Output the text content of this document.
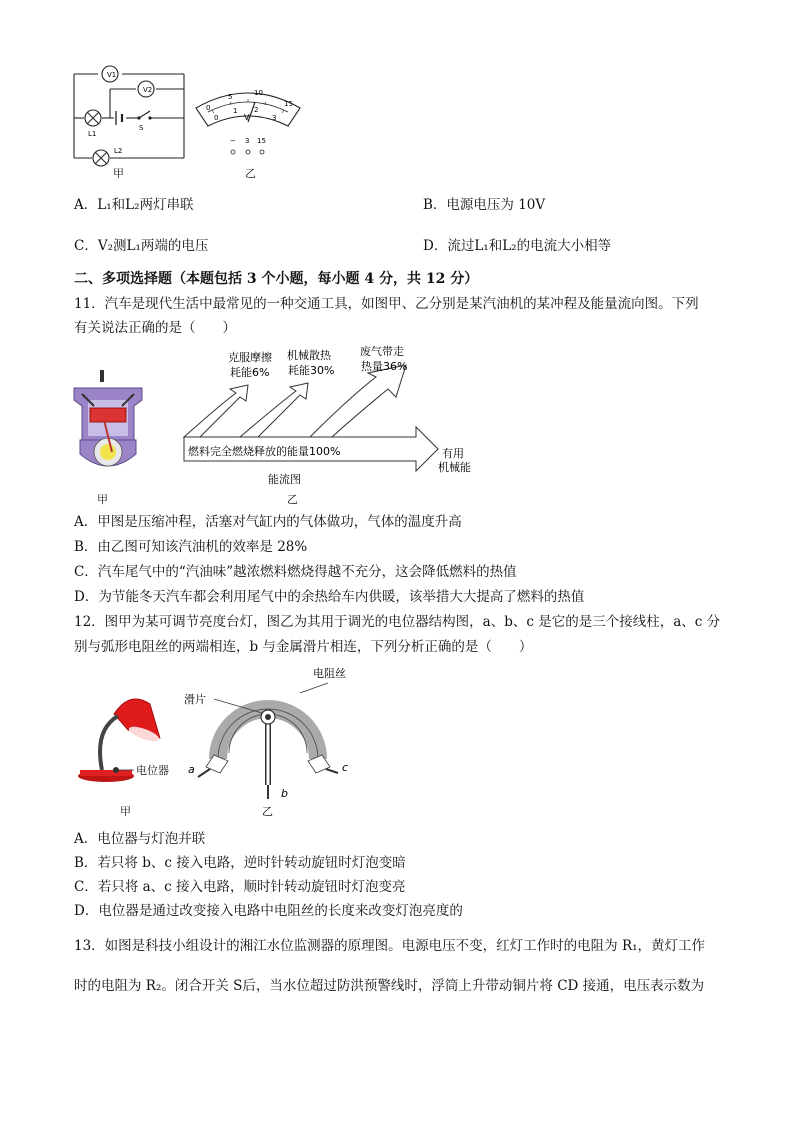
V1
V2
L1
L2
S
甲
0
5	10
15
0
1 2
3
V
− 3 15
乙
A．L₁和L₂两灯串联	B．电源电压为 10V
C．V₂测L₁两端的电压	D．流过L₁和L₂的电流大小相等
二、多项选择题（本题包括 3 个小题，每小题 4 分，共 12 分）
11．汽车是现代生活中最常见的一种交通工具，如图甲、乙分别是某汽油机的某冲程及能量流向图。下列
有关说法正确的是（　　）
甲
克服摩擦
耗能6%
机械散热
耗能30%
废气带走
热量36%
燃料完全燃烧释放的能量100%	有用
机械能
能流图
乙
A．甲图是压缩冲程，活塞对气缸内的气体做功，气体的温度升高
B．由乙图可知该汽油机的效率是 28%
C．汽车尾气中的“汽油味”越浓燃料燃烧得越不充分，这会降低燃料的热值
D．为节能冬天汽车都会利用尾气中的余热给车内供暖，该举措大大提高了燃料的热值
12．图甲为某可调节亮度台灯，图乙为其用于调光的电位器结构图，a、b、c 是它的是三个接线柱，a、c 分
别与弧形电阻丝的两端相连，b 与金属滑片相连，下列分析正确的是（　　）
电位器
甲
滑片
电阻丝
a
b
c
乙
A．电位器与灯泡并联
B．若只将 b、c 接入电路，逆时针转动旋钮时灯泡变暗
C．若只将 a、c 接入电路，顺时针转动旋钮时灯泡变亮
D．电位器是通过改变接入电路中电阻丝的长度来改变灯泡亮度的
13．如图是科技小组设计的湘江水位监测器的原理图。电源电压不变，红灯工作时的电阻为 R₁，黄灯工作
时的电阻为 R₂。闭合开关 S后，当水位超过防洪预警线时，浮筒上升带动铜片将 CD 接通，电压表示数为
